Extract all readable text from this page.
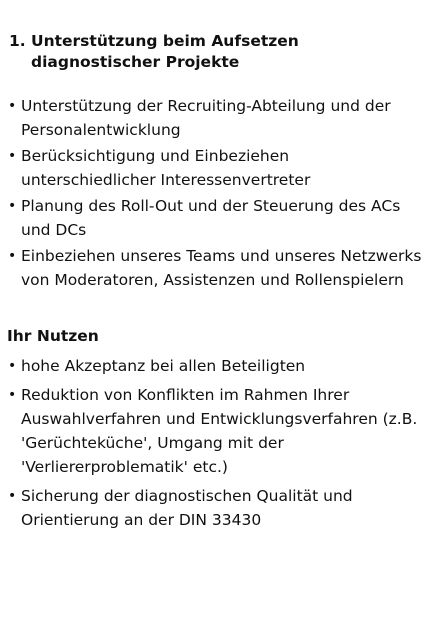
1. Unterstützung beim Aufsetzen diagnostischer Projekte
• Unterstützung der Recruiting-Abteilung und der Personalentwicklung
• Berücksichtigung und Einbeziehen unterschiedlicher Interessenvertreter
• Planung des Roll-Out und der Steuerung des ACs und DCs
• Einbeziehen unseres Teams und unseres Netzwerks von Moderatoren, Assistenzen und Rollenspielern
Ihr Nutzen
• hohe Akzeptanz bei allen Beteiligten
• Reduktion von Konflikten im Rahmen Ihrer Auswahlverfahren und Entwicklungsverfahren (z.B. 'Gerüchteküche', Umgang mit der 'Verliererproblematik' etc.)
• Sicherung der diagnostischen Qualität und Orientierung an der DIN 33430
